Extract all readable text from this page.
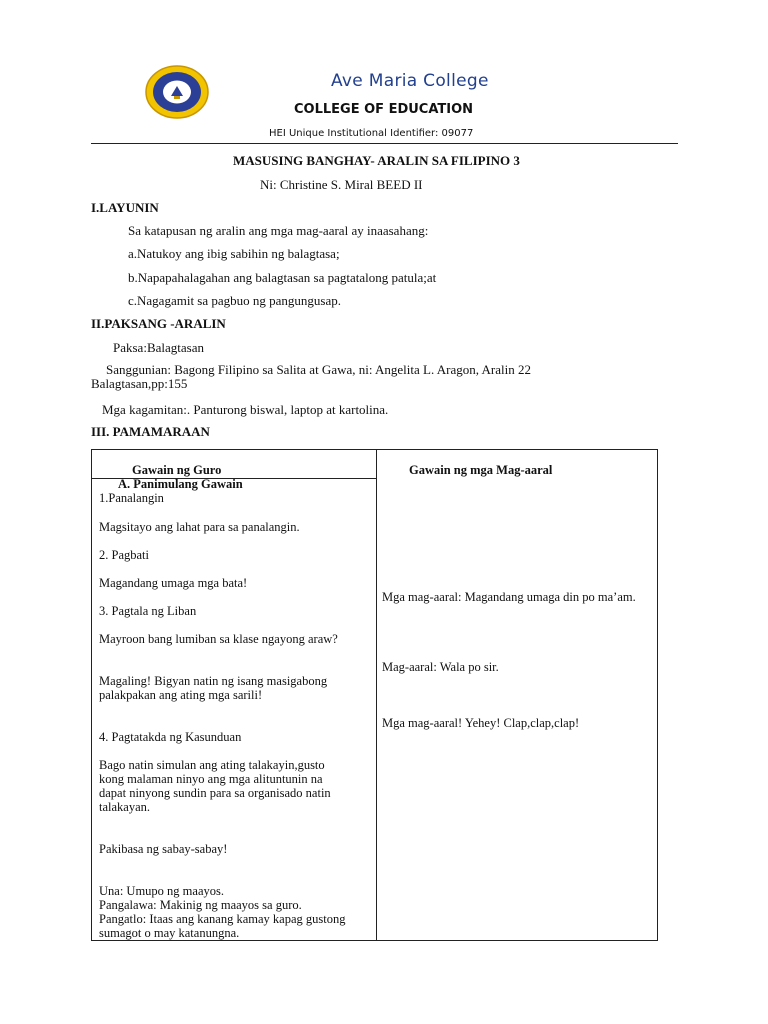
Ave Maria College
COLLEGE OF EDUCATION
HEI Unique Institutional Identifier: 09077
MASUSING BANGHAY- ARALIN SA FILIPINO 3
Ni: Christine S. Miral BEED II
I.LAYUNIN
Sa katapusan ng aralin ang mga mag-aaral ay inaasahang:
a.Natukoy ang ibig sabihin ng balagtasa;
b.Napapahalagahan ang balagtasan sa pagtatalong patula;at
c.Nagagamit sa pagbuo ng pangungusap.
II.PAKSANG -ARALIN
Paksa:Balagtasan
Sanggunian: Bagong Filipino sa Salita at Gawa, ni: Angelita L. Aragon, Aralin 22 Balagtasan,pp:155
Mga kagamitan:. Panturong biswal, laptop at kartolina.
III. PAMAMARAAN
Gawain ng Guro	Gawain ng mga Mag-aaral
A. Panimulang Gawain
1.Panalangin
Magsitayo ang lahat para sa panalangin.
2. Pagbati
Magandang umaga mga bata!
3. Pagtala ng Liban
Mayroon bang lumiban sa klase ngayong araw?
Magaling! Bigyan natin ng isang masigabong palakpakan ang ating mga sarili!
4. Pagtatakda ng Kasunduan
Bago natin simulan ang ating talakayin,gusto kong malaman ninyo ang mga alituntunin na dapat ninyong sundin para sa organisado natin talakayan.
Pakibasa ng sabay-sabay!
Una: Umupo ng maayos.
Pangalawa: Makinig ng maayos sa guro.
Pangatlo: Itaas ang kanang kamay kapag gustong sumagot o may katanungna.
Mga mag-aaral: Magandang umaga din po ma’am.
Mag-aaral: Wala po sir.
Mga mag-aaral! Yehey! Clap,clap,clap!
